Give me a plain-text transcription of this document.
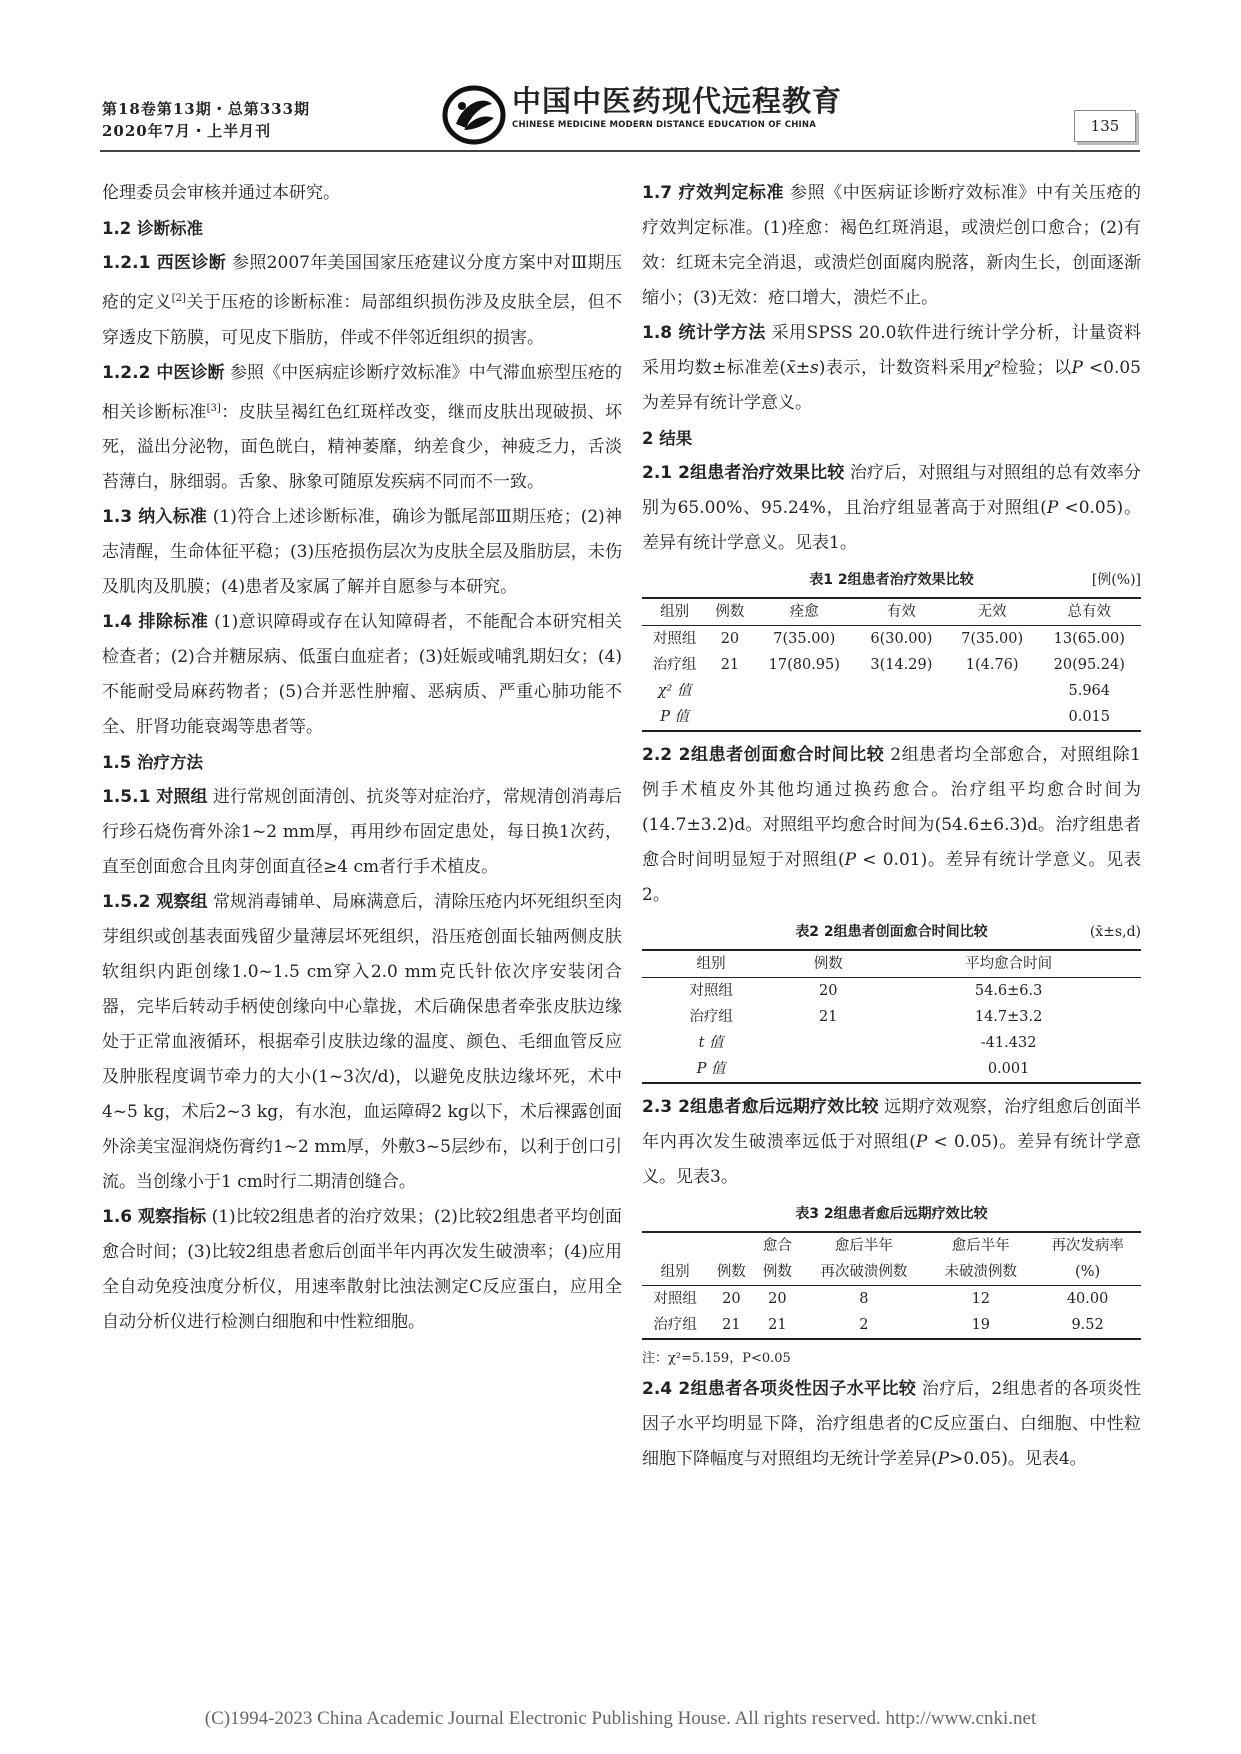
第18卷第13期・总第333期
2020年7月・上半月刊
中国中医药现代远程教育
CHINESE MEDICINE MODERN DISTANCE EDUCATION OF CHINA	135

伦理委员会审核并通过本研究。

1.2 诊断标准

1.2.1 西医诊断 参照2007年美国国家压疮建议分度方案中对Ⅲ期压疮的定义[2]关于压疮的诊断标准：局部组织损伤涉及皮肤全层，但不穿透皮下筋膜，可见皮下脂肪，伴或不伴邻近组织的损害。

1.2.2 中医诊断 参照《中医病症诊断疗效标准》中气滞血瘀型压疮的相关诊断标准[3]：皮肤呈褐红色红斑样改变，继而皮肤出现破损、坏死，溢出分泌物，面色㿠白，精神萎靡，纳差食少，神疲乏力，舌淡苔薄白，脉细弱。舌象、脉象可随原发疾病不同而不一致。

1.3 纳入标准 (1)符合上述诊断标准，确诊为骶尾部Ⅲ期压疮；(2)神志清醒，生命体征平稳；(3)压疮损伤层次为皮肤全层及脂肪层，未伤及肌肉及肌膜；(4)患者及家属了解并自愿参与本研究。

1.4 排除标准 (1)意识障碍或存在认知障碍者，不能配合本研究相关检查者；(2)合并糖尿病、低蛋白血症者；(3)妊娠或哺乳期妇女；(4)不能耐受局麻药物者；(5)合并恶性肿瘤、恶病质、严重心肺功能不全、肝肾功能衰竭等患者等。

1.5 治疗方法

1.5.1 对照组 进行常规创面清创、抗炎等对症治疗，常规清创消毒后行珍石烧伤膏外涂1~2 mm厚，再用纱布固定患处，每日换1次药，直至创面愈合且肉芽创面直径≥4 cm者行手术植皮。

1.5.2 观察组 常规消毒铺单、局麻满意后，清除压疮内坏死组织至肉芽组织或创基表面残留少量薄层坏死组织，沿压疮创面长轴两侧皮肤软组织内距创缘1.0~1.5 cm穿入2.0 mm克氏针依次序安装闭合器，完毕后转动手柄使创缘向中心靠拢，术后确保患者牵张皮肤边缘处于正常血液循环，根据牵引皮肤边缘的温度、颜色、毛细血管反应及肿胀程度调节牵力的大小(1~3次/d)，以避免皮肤边缘坏死，术中4~5 kg，术后2~3 kg，有水泡，血运障碍2 kg以下，术后裸露创面外涂美宝湿润烧伤膏约1~2 mm厚，外敷3~5层纱布，以利于创口引流。当创缘小于1 cm时行二期清创缝合。

1.6 观察指标 (1)比较2组患者的治疗效果；(2)比较2组患者平均创面愈合时间；(3)比较2组患者愈后创面半年内再次发生破溃率；(4)应用全自动免疫浊度分析仪，用速率散射比浊法测定C反应蛋白，应用全自动分析仪进行检测白细胞和中性粒细胞。

1.7 疗效判定标准 参照《中医病证诊断疗效标准》中有关压疮的疗效判定标准。(1)痊愈：褐色红斑消退，或溃烂创口愈合；(2)有效：红斑未完全消退，或溃烂创面腐肉脱落，新肉生长，创面逐渐缩小；(3)无效：疮口增大，溃烂不止。

1.8 统计学方法 采用SPSS 20.0软件进行统计学分析，计量资料采用均数±标准差(x̄±s)表示，计数资料采用χ²检验；以P <0.05为差异有统计学意义。

2 结果

2.1 2组患者治疗效果比较 治疗后，对照组与对照组的总有效率分别为65.00%、95.24%，且治疗组显著高于对照组(P <0.05)。差异有统计学意义。见表1。

表1 2组患者治疗效果比较	[例(%)]
组别	例数	痊愈	有效	无效	总有效
对照组	20	7(35.00)	6(30.00)	7(35.00)	13(65.00)
治疗组	21	17(80.95)	3(14.29)	1(4.76)	20(95.24)
χ² 值					5.964
P 值					0.015

2.2 2组患者创面愈合时间比较 2组患者均全部愈合，对照组除1例手术植皮外其他均通过换药愈合。治疗组平均愈合时间为(14.7±3.2)d。对照组平均愈合时间为(54.6±6.3)d。治疗组患者愈合时间明显短于对照组(P < 0.01)。差异有统计学意义。见表2。

表2 2组患者创面愈合时间比较	(x̄±s,d)
组别	例数	平均愈合时间
对照组	20	54.6±6.3
治疗组	21	14.7±3.2
t 值		-41.432
P 值		0.001

2.3 2组患者愈后远期疗效比较 远期疗效观察，治疗组愈后创面半年内再次发生破溃率远低于对照组(P < 0.05)。差异有统计学意义。见表3。

表3 2组患者愈后远期疗效比较
		愈合	愈后半年	愈后半年	再次发病率
组别	例数	例数	再次破溃例数	未破溃例数	(%)
对照组	20	20	8	12	40.00
治疗组	21	21	2	19	9.52
注：χ²=5.159，P<0.05

2.4 2组患者各项炎性因子水平比较 治疗后，2组患者的各项炎性因子水平均明显下降，治疗组患者的C反应蛋白、白细胞、中性粒细胞下降幅度与对照组均无统计学差异(P>0.05)。见表4。

(C)1994-2023 China Academic Journal Electronic Publishing House. All rights reserved. http://www.cnki.net
